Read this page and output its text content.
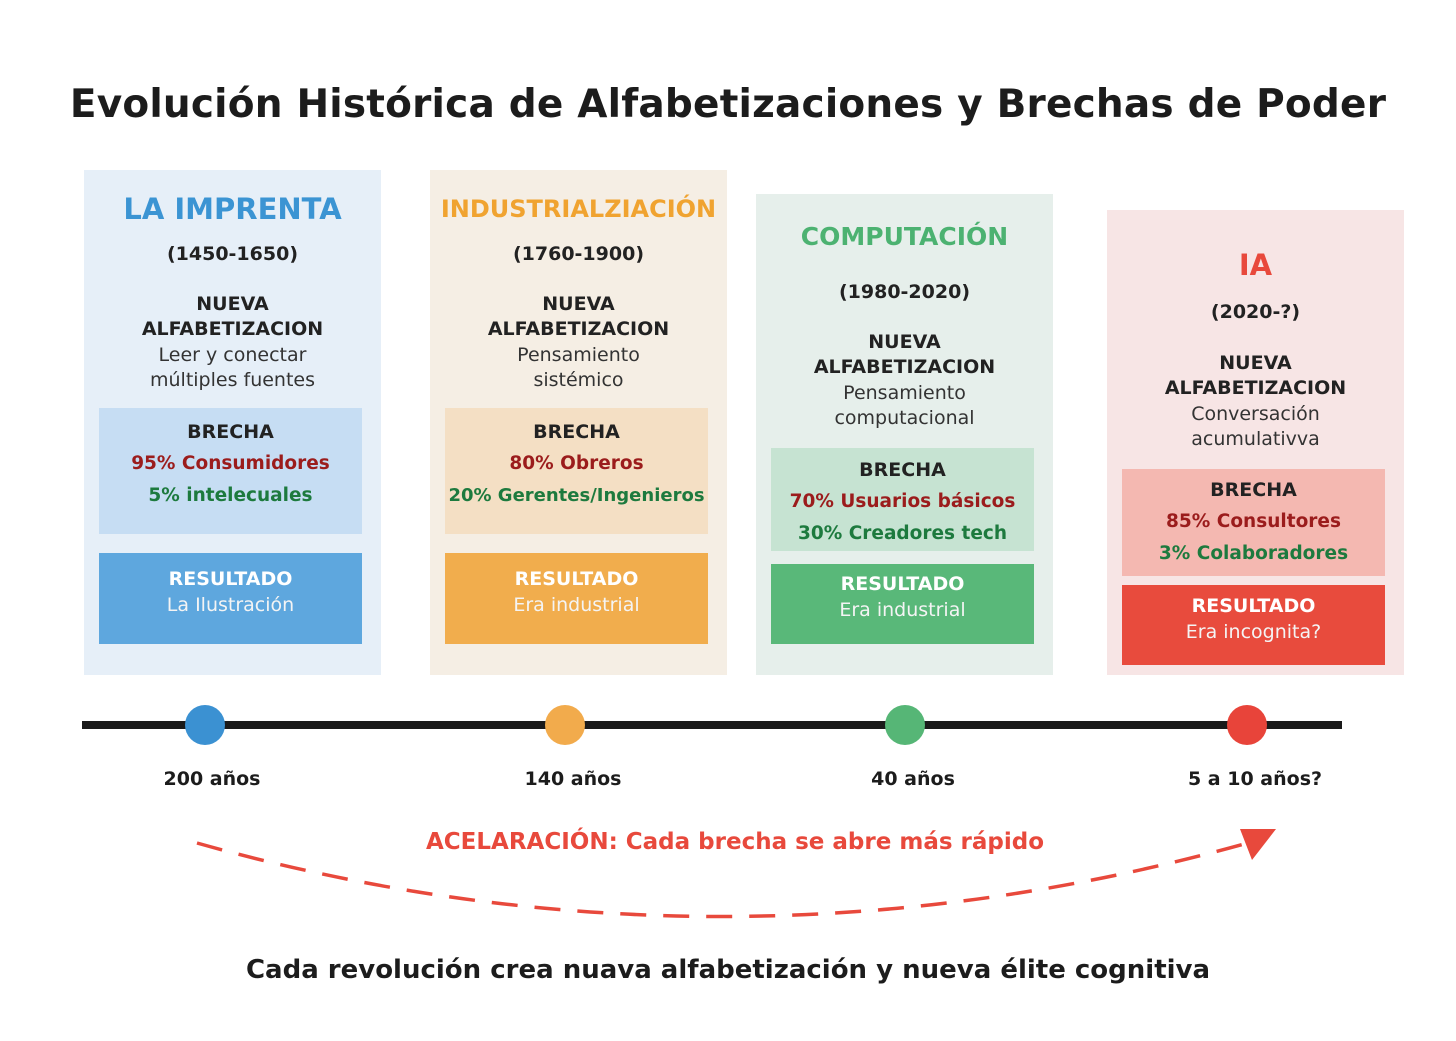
Evolución Histórica de Alfabetizaciones y Brechas de Poder
LA IMPRENTA
(1450-1650)
NUEVA
ALFABETIZACION
Leer y conectar
múltiples fuentes
BRECHA
95% Consumidores
5% intelecuales
RESULTADO
La Ilustración
INDUSTRIALZIACIÓN
(1760-1900)
NUEVA
ALFABETIZACION
Pensamiento
sistémico
BRECHA
80% Obreros
20% Gerentes/Ingenieros
RESULTADO
Era industrial
COMPUTACIÓN
(1980-2020)
NUEVA
ALFABETIZACION
Pensamiento
computacional
BRECHA
70% Usuarios básicos
30% Creadores tech
RESULTADO
Era industrial
IA
(2020-?)
NUEVA
ALFABETIZACION
Conversación
acumulativva
BRECHA
85% Consultores
3% Colaboradores
RESULTADO
Era incognita?
200 años	140 años	40 años	5 a 10 años?
ACELARACIÓN: Cada brecha se abre más rápido
Cada revolución crea nuava alfabetización y nueva élite cognitiva
